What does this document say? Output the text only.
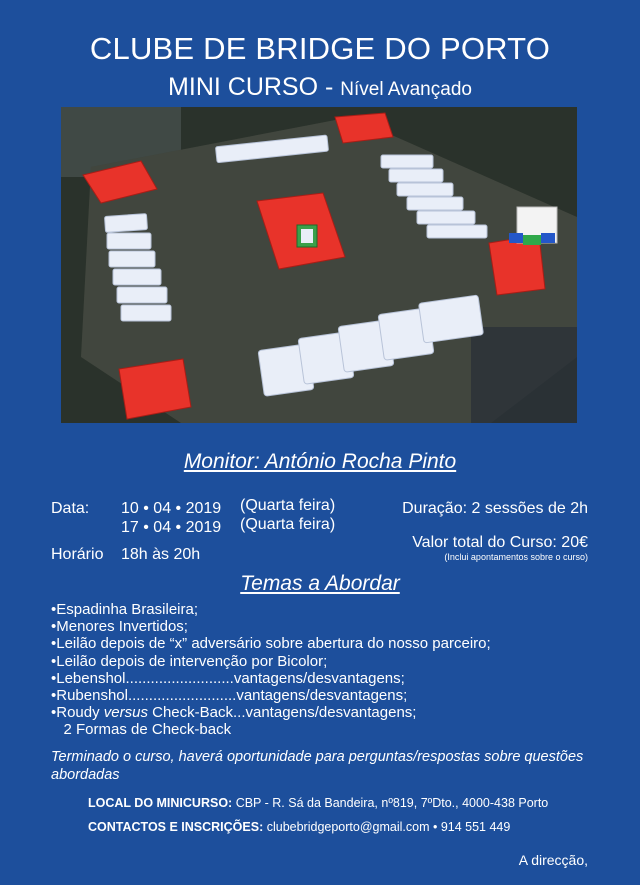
CLUBE DE BRIDGE DO PORTO
MINI CURSO - Nível Avançado
Monitor: António Rocha Pinto
Data: 10 • 04 • 2019 (Quarta feira)
17 • 04 • 2019 (Quarta feira)
Horário 18h às 20h
Duração: 2 sessões de 2h
Valor total do Curso: 20€
(Inclui apontamentos sobre o curso)
Temas a Abordar
•Espadinha Brasileira;
•Menores Invertidos;
•Leilão depois de “x” adversário sobre abertura do nosso parceiro;
•Leilão depois de intervenção por Bicolor;
•Lebenshol..........................vantagens/desvantagens;
•Rubenshol..........................vantagens/desvantagens;
•Roudy versus Check-Back...vantagens/desvantagens;
2 Formas de Check-back
Terminado o curso, haverá oportunidade para perguntas/respostas sobre questões abordadas
LOCAL DO MINICURSO: CBP - R. Sá da Bandeira, nº819, 7ºDto., 4000-438 Porto
CONTACTOS E INSCRIÇÕES: clubebridgeporto@gmail.com • 914 551 449
A direcção,
